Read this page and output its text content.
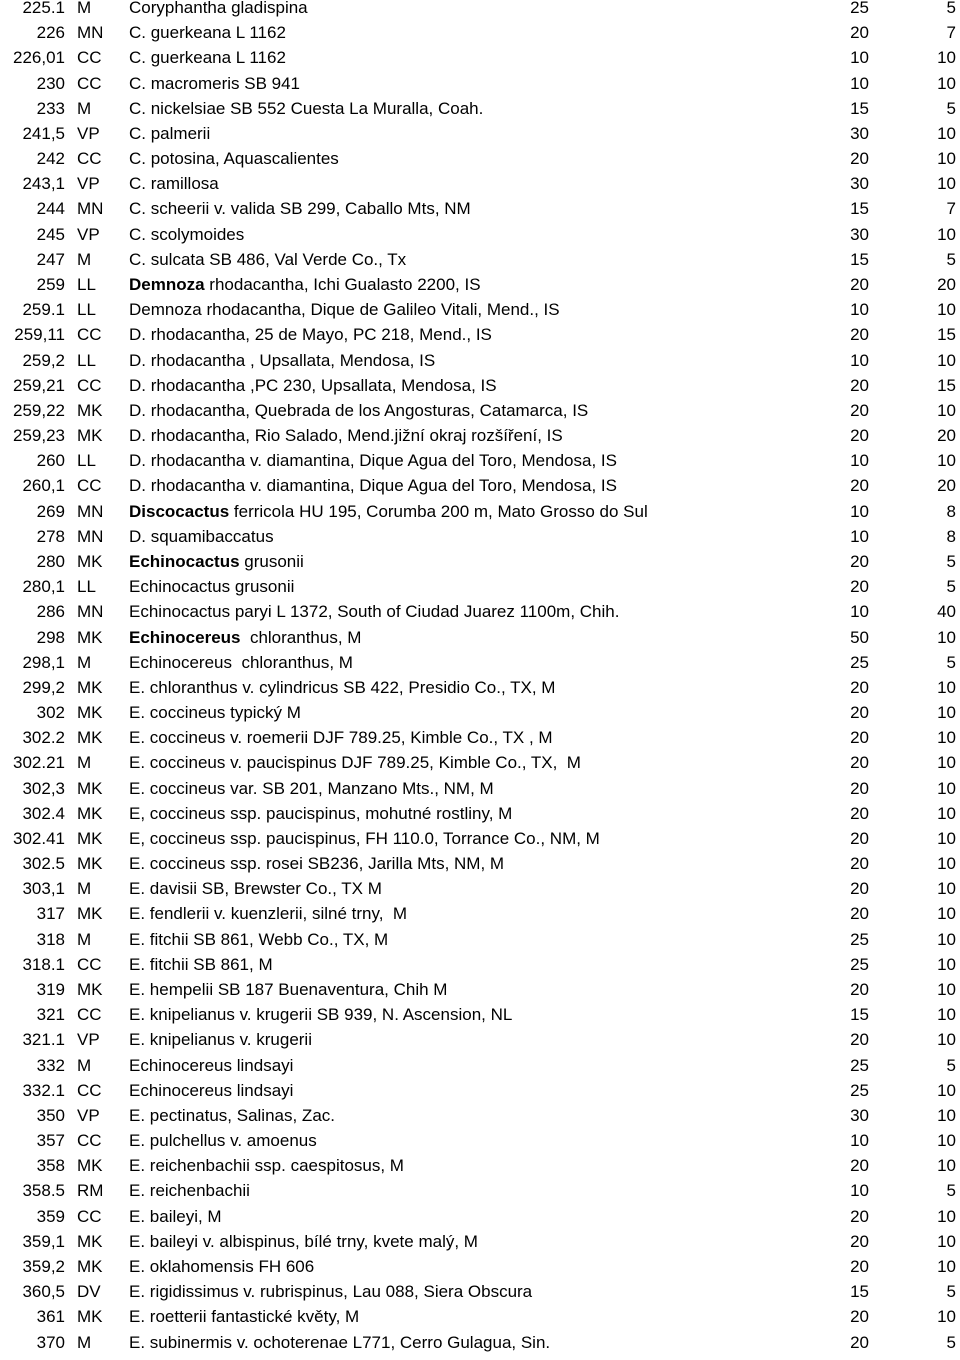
225.1 M Coryphantha gladispina	25	5
226 MN C. guerkeana L 1162	20	7
226,01 CC C. guerkeana L 1162	10	10
230 CC C. macromeris SB 941	10	10
233 M C. nickelsiae SB 552 Cuesta La Muralla, Coah.	15	5
241,5 VP C. palmerii	30	10
242 CC C. potosina, Aquascalientes	20	10
243,1 VP C. ramillosa	30	10
244 MN C. scheerii v. valida SB 299, Caballo Mts, NM	15	7
245 VP C. scolymoides	30	10
247 M C. sulcata SB 486, Val Verde Co., Tx	15	5
259 LL Demnoza rhodacantha, Ichi Gualasto 2200, IS	20	20
259.1 LL Demnoza rhodacantha, Dique de Galileo Vitali, Mend., IS	10	10
259,11 CC D. rhodacantha, 25 de Mayo, PC 218, Mend., IS	20	15
259,2 LL D. rhodacantha , Upsallata, Mendosa, IS	10	10
259,21 CC D. rhodacantha ,PC 230, Upsallata, Mendosa, IS	20	15
259,22 MK D. rhodacantha, Quebrada de los Angosturas, Catamarca, IS	20	10
259,23 MK D. rhodacantha, Rio Salado, Mend.jižní okraj rozšíření, IS	20	20
260 LL D. rhodacantha v. diamantina, Dique Agua del Toro, Mendosa, IS	10	10
260,1 CC D. rhodacantha v. diamantina, Dique Agua del Toro, Mendosa, IS	20	20
269 MN Discocactus ferricola HU 195, Corumba 200 m, Mato Grosso do Sul	10	8
278 MN D. squamibaccatus	10	8
280 MK Echinocactus grusonii	20	5
280,1 LL Echinocactus grusonii	20	5
286 MN Echinocactus paryi L 1372, South of Ciudad Juarez 1100m, Chih.	10	40
298 MK Echinocereus  chloranthus, M	50	10
298,1 M Echinocereus  chloranthus, M	25	5
299,2 MK E. chloranthus v. cylindricus SB 422, Presidio Co., TX, M	20	10
302 MK E. coccineus typický M	20	10
302.2 MK E. coccineus v. roemerii DJF 789.25, Kimble Co., TX , M	20	10
302.21 M E. coccineus v. paucispinus DJF 789.25, Kimble Co., TX,  M	20	10
302,3 MK E. coccineus var. SB 201, Manzano Mts., NM, M	20	10
302.4 MK E, coccineus ssp. paucispinus, mohutné rostliny, M	20	10
302.41 MK E, coccineus ssp. paucispinus, FH 110.0, Torrance Co., NM, M	20	10
302.5 MK E. coccineus ssp. rosei SB236, Jarilla Mts, NM, M	20	10
303,1 M E. davisii SB, Brewster Co., TX M	20	10
317 MK E. fendlerii v. kuenzlerii, silné trny,  M	20	10
318 M E. fitchii SB 861, Webb Co., TX, M	25	10
318.1 CC E. fitchii SB 861, M	25	10
319 MK E. hempelii SB 187 Buenaventura, Chih M	20	10
321 CC E. knipelianus v. krugerii SB 939, N. Ascension, NL	15	10
321.1 VP E. knipelianus v. krugerii	20	10
332 M Echinocereus lindsayi	25	5
332.1 CC Echinocereus lindsayi	25	10
350 VP E. pectinatus, Salinas, Zac.	30	10
357 CC E. pulchellus v. amoenus	10	10
358 MK E. reichenbachii ssp. caespitosus, M	20	10
358.5 RM E. reichenbachii	10	5
359 CC E. baileyi, M	20	10
359,1 MK E. baileyi v. albispinus, bílé trny, kvete malý, M	20	10
359,2 MK E. oklahomensis FH 606	20	10
360,5 DV E. rigidissimus v. rubrispinus, Lau 088, Siera Obscura	15	5
361 MK E. roetterii fantastické květy, M	20	10
370 M E. subinermis v. ochoterenae L771, Cerro Gulagua, Sin.	20	5
